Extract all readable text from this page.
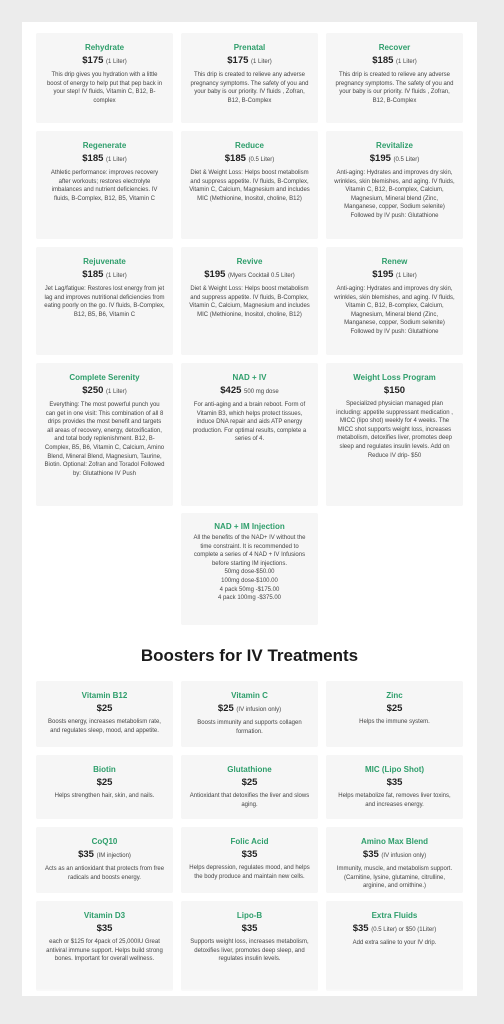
Rehydrate
$175 (1 Liter)
This drip gives you hydration with a little boost of energy to help put that pep back in your step! IV fluids, Vitamin C, B12, B-complex
Prenatal
$175 (1 Liter)
This drip is created to relieve any adverse pregnancy symptoms. The safety of you and your baby is our priority. IV fluids , Zofran, B12, B-Complex
Recover
$185 (1 Liter)
This drip is created to relieve any adverse pregnancy symptoms. The safety of you and your baby is our priority. IV fluids , Zofran, B12, B-Complex
Regenerate
$185 (1 Liter)
Athletic performance: improves recovery after workouts; restores electrolyte imbalances and nutrient deficiencies. IV fluids, B-Complex, B12, B5, Vitamin C
Reduce
$185 (0.5 Liter)
Diet & Weight Loss: Helps boost metabolism and suppress appetite. IV fluids, B-Complex, Vitamin C, Calcium, Magnesium and includes MIC (Methionine, Inositol, choline, B12)
Revitalize
$195 (0.5 Liter)
Anti-aging: Hydrates and improves dry skin, wrinkles, skin blemishes, and aging. IV fluids, Vitamin C, B12, B-complex, Calcium, Magnesium, Mineral blend (Zinc, Manganese, copper, Sodium selenite) Followed by IV push: Glutathione
Rejuvenate
$185 (1 Liter)
Jet Lag/fatigue: Restores lost energy from jet lag and improves nutritional deficiencies from eating poorly on the go. IV fluids, B-Complex, B12, B5, B6, Vitamin C
Revive
$195 (Myers Cocktail 0.5 Liter)
Diet & Weight Loss: Helps boost metabolism and suppress appetite. IV fluids, B-Complex, Vitamin C, Calcium, Magnesium and includes MIC (Methionine, Inositol, choline, B12)
Renew
$195 (1 Liter)
Anti-aging: Hydrates and improves dry skin, wrinkles, skin blemishes, and aging. IV fluids, Vitamin C, B12, B-complex, Calcium, Magnesium, Mineral blend (Zinc, Manganese, copper, Sodium selenite) Followed by IV push: Glutathione
Complete Serenity
$250 (1 Liter)
Everything: The most powerful punch you can get in one visit: This combination of all 8 drips provides the most benefit and targets all areas of recovery, energy, detoxification, and total body replenishment. B12, B-Complex, B5, B6, Vitamin C, Calcium, Amino Blend, Mineral Blend, Magnesium, Taurine, Biotin. Optional: Zofran and Toradol Followed by: Glutathione IV Push
NAD + IV
$425 500 mg dose
For anti-aging and a brain reboot. Form of Vitamin B3, which helps protect tissues, induce DNA repair and aids ATP energy production. For optimal results, complete a series of 4.
Weight Loss Program
$150
Specialized physician managed plan including: appetite suppressant medication , MICC (lipo shot) weekly for 4 weeks. The MICC shot supports weight loss, increases metabolism, detoxifies liver, promotes deep sleep and regulates insulin levels. Add on Reduce IV drip- $50
NAD + IM Injection
All the benefits of the NAD+ IV without the time constraint. It is recommended to complete a series of 4 NAD + IV Infusions before starting IM injections.
50mg dose-$50.00
100mg dose-$100.00
4 pack 50mg -$175.00
4 pack 100mg -$375.00
Boosters for IV Treatments
Vitamin B12
$25
Boosts energy, increases metabolism rate, and regulates sleep, mood, and appetite.
Vitamin C
$25 (IV infusion only)
Boosts immunity and supports collagen formation.
Zinc
$25
Helps the immune system.
Biotin
$25
Helps strengthen hair, skin, and nails.
Glutathione
$25
Antioxidant that detoxifies the liver and slows aging.
MIC (Lipo Shot)
$35
Helps metabolize fat, removes liver toxins, and increases energy.
CoQ10
$35 (IM injection)
Acts as an antioxidant that protects from free radicals and boosts energy.
Folic Acid
$35
Helps depression, regulates mood, and helps the body produce and maintain new cells.
Amino Max Blend
$35 (IV infusion only)
Immunity, muscle, and metabolism support. (Carnitine, lysine, glutamine, citrulline, arginine, and ornithine.)
Vitamin D3
$35
each or $125 for 4pack of 25,000IU Great antiviral immune support. Helps build strong bones. Important for overall wellness.
Lipo-B
$35
Supports weight loss, increases metabolism, detoxifies liver, promotes deep sleep, and regulates insulin levels.
Extra Fluids
$35 (0.5 Liter) or $50 (1Liter)
Add extra saline to your IV drip.
